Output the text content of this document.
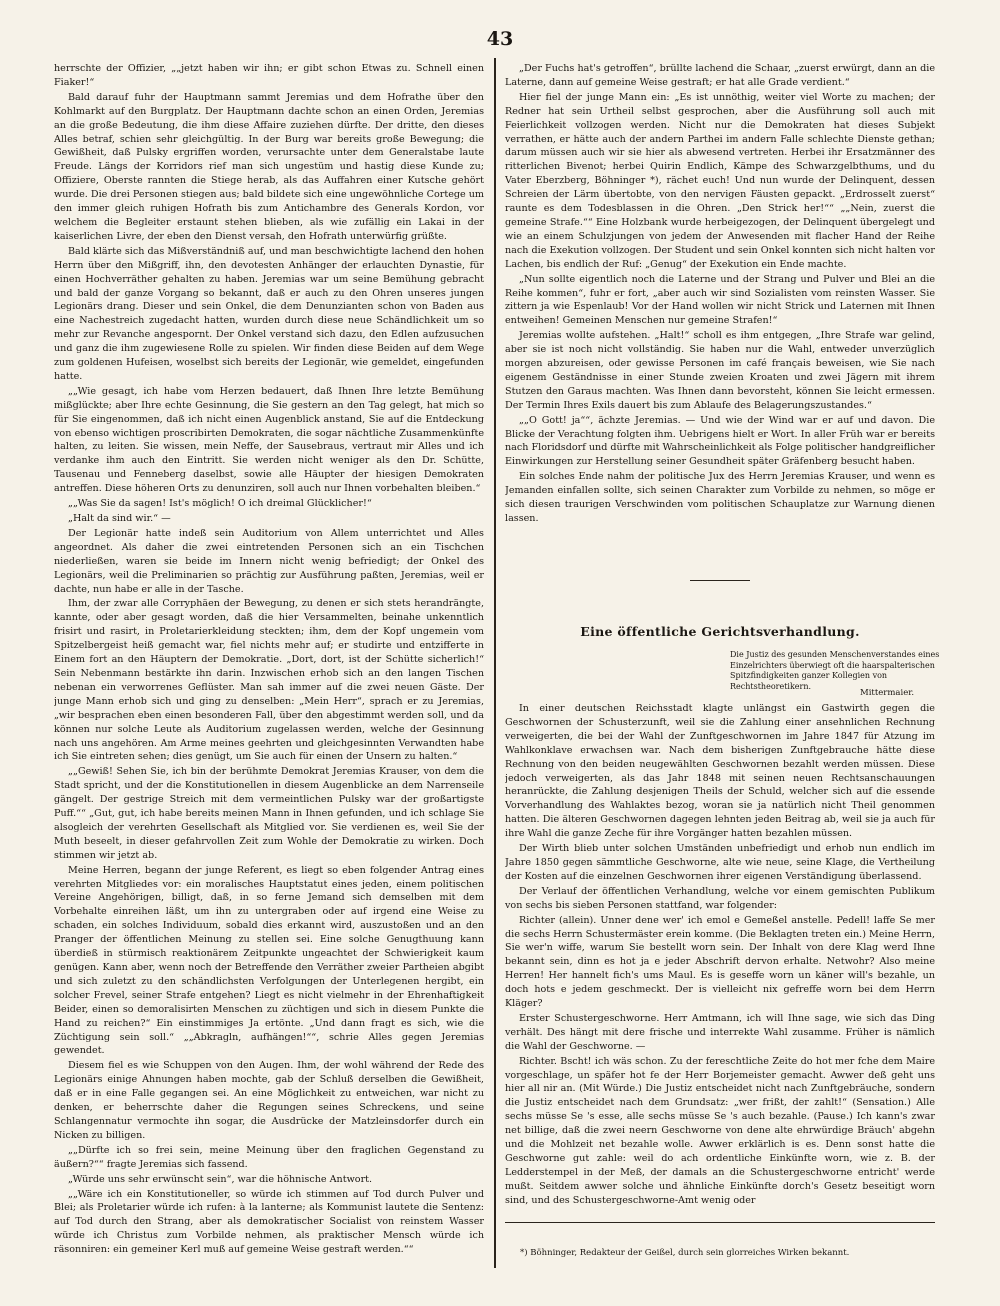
43

herrschte der Offizier, „„jetzt haben wir ihn; er gibt schon Etwas zu. Schnell einen Fiaker!“

Bald darauf fuhr der Hauptmann sammt Jeremias und dem Hofrathe über den Kohlmarkt auf den Burgplatz. Der Hauptmann dachte schon an einen Orden, Jeremias an die große Bedeutung, die ihm diese Affaire zuziehen dürfte. Der dritte, den dieses Alles betraf, schien sehr gleichgültig. In der Burg war bereits große Bewegung; die Gewißheit, daß Pulsky ergriffen worden, verursachte unter dem Generalstabe laute Freude. Längs der Korridors rief man sich ungestüm und hastig diese Kunde zu; Offiziere, Oberste rannten die Stiege herab, als das Auffahren einer Kutsche gehört wurde. Die drei Personen stiegen aus; bald bildete sich eine ungewöhnliche Cortege um den immer gleich ruhigen Hofrath bis zum Antichambre des Generals Kordon, vor welchem die Begleiter erstaunt stehen blieben, als wie zufällig ein Lakai in der kaiserlichen Livre, der eben den Dienst versah, den Hofrath unterwürfig grüßte.

Bald klärte sich das Mißverständniß auf, und man beschwichtigte lachend den hohen Herrn über den Mißgriff, ihn, den devotesten Anhänger der erlauchten Dynastie, für einen Hochverräther gehalten zu haben. Jeremias war um seine Bemühung gebracht und bald der ganze Vorgang so bekannt, daß er auch zu den Ohren unseres jungen Legionärs drang. Dieser und sein Onkel, die dem Denunzianten schon von Baden aus eine Nachestreich zugedacht hatten, wurden durch diese neue Schändlichkeit um so mehr zur Revanche angespornt. Der Onkel verstand sich dazu, den Edlen aufzusuchen und ganz die ihm zugewiesene Rolle zu spielen. Wir finden diese Beiden auf dem Wege zum goldenen Hufeisen, woselbst sich bereits der Legionär, wie gemeldet, eingefunden hatte.

„„Wie gesagt, ich habe vom Herzen bedauert, daß Ihnen Ihre letzte Bemühung mißglückte; aber Ihre echte Gesinnung, die Sie gestern an den Tag gelegt, hat mich so für Sie eingenommen, daß ich nicht einen Augenblick anstand, Sie auf die Entdeckung von ebenso wichtigen proscribirten Demokraten, die sogar nächtliche Zusammenkünfte halten, zu leiten. Sie wissen, mein Neffe, der Sausebraus, vertraut mir Alles und ich verdanke ihm auch den Eintritt. Sie werden nicht weniger als den Dr. Schütte, Tausenau und Fenneberg daselbst, sowie alle Häupter der hiesigen Demokraten antreffen. Diese höheren Orts zu denunziren, soll auch nur Ihnen vorbehalten bleiben.“

„„Was Sie da sagen! Ist's möglich! O ich dreimal Glücklicher!“

„Halt da sind wir.“ —

Der Legionär hatte indeß sein Auditorium von Allem unterrichtet und Alles angeordnet. Als daher die zwei eintretenden Personen sich an ein Tischchen niederließen, waren sie beide im Innern nicht wenig befriedigt; der Onkel des Legionärs, weil die Preliminarien so prächtig zur Ausführung paßten, Jeremias, weil er dachte, nun habe er alle in der Tasche.

Ihm, der zwar alle Corryphäen der Bewegung, zu denen er sich stets herandrängte, kannte, oder aber gesagt worden, daß die hier Versammelten, beinahe unkenntlich frisirt und rasirt, in Proletarierkleidung steckten; ihm, dem der Kopf ungemein vom Spitzelbergeist heiß gemacht war, fiel nichts mehr auf; er studirte und entzifferte in Einem fort an den Häuptern der Demokratie. „Dort, dort, ist der Schütte sicherlich!“ Sein Nebenmann bestärkte ihn darin. Inzwischen erhob sich an den langen Tischen nebenan ein verworrenes Geflüster. Man sah immer auf die zwei neuen Gäste. Der junge Mann erhob sich und ging zu denselben: „Mein Herr“, sprach er zu Jeremias, „wir besprachen eben einen besonderen Fall, über den abgestimmt werden soll, und da können nur solche Leute als Auditorium zugelassen werden, welche der Gesinnung nach uns angehören. Am Arme meines geehrten und gleichgesinnten Verwandten habe ich Sie eintreten sehen; dies genügt, um Sie auch für einen der Unsern zu halten.“

„„Gewiß! Sehen Sie, ich bin der berühmte Demokrat Jeremias Krauser, von dem die Stadt spricht, und der die Konstitutionellen in diesem Augenblicke an dem Narrenseile gängelt. Der gestrige Streich mit dem vermeintlichen Pulsky war der großartigste Puff.““ „Gut, gut, ich habe bereits meinen Mann in Ihnen gefunden, und ich schlage Sie alsogleich der verehrten Gesellschaft als Mitglied vor. Sie verdienen es, weil Sie der Muth beseelt, in dieser gefahrvollen Zeit zum Wohle der Demokratie zu wirken. Doch stimmen wir jetzt ab.

Meine Herren, begann der junge Referent, es liegt so eben folgender Antrag eines verehrten Mitgliedes vor: ein moralisches Hauptstatut eines jeden, einem politischen Vereine Angehörigen, billigt, daß, in so ferne Jemand sich demselben mit dem Vorbehalte einreihen läßt, um ihn zu untergraben oder auf irgend eine Weise zu schaden, ein solches Individuum, sobald dies erkannt wird, auszustoßen und an den Pranger der öffentlichen Meinung zu stellen sei. Eine solche Genugthuung kann überdieß in stürmisch reaktionärem Zeitpunkte ungeachtet der Schwierigkeit kaum genügen. Kann aber, wenn noch der Betreffende den Verräther zweier Partheien abgibt und sich zuletzt zu den schändlichsten Verfolgungen der Unterlegenen hergibt, ein solcher Frevel, seiner Strafe entgehen? Liegt es nicht vielmehr in der Ehrenhaftigkeit Beider, einen so demoralisirten Menschen zu züchtigen und sich in diesem Punkte die Hand zu reichen?“ Ein einstimmiges Ja ertönte. „Und dann fragt es sich, wie die Züchtigung sein soll.“ „„Abkragln, aufhängen!““, schrie Alles gegen Jeremias gewendet.

Diesem fiel es wie Schuppen von den Augen. Ihm, der wohl während der Rede des Legionärs einige Ahnungen haben mochte, gab der Schluß derselben die Gewißheit, daß er in eine Falle gegangen sei. An eine Möglichkeit zu entweichen, war nicht zu denken, er beherrschte daher die Regungen seines Schreckens, und seine Schlangennatur vermochte ihn sogar, die Ausdrücke der Matzleinsdorfer durch ein Nicken zu billigen.

„„Dürfte ich so frei sein, meine Meinung über den fraglichen Gegenstand zu äußern?““ fragte Jeremias sich fassend.

„Würde uns sehr erwünscht sein“, war die höhnische Antwort.

„„Wäre ich ein Konstitutioneller, so würde ich stimmen auf Tod durch Pulver und Blei; als Proletarier würde ich rufen: à la lanterne; als Kommunist lautete die Sentenz: auf Tod durch den Strang, aber als demokratischer Socialist von reinstem Wasser würde ich Christus zum Vorbilde nehmen, als praktischer Mensch würde ich räsonniren: ein gemeiner Kerl muß auf gemeine Weise gestraft werden.““

„Der Fuchs hat's getroffen“, brüllte lachend die Schaar, „zuerst erwürgt, dann an die Laterne, dann auf gemeine Weise gestraft; er hat alle Grade verdient.“

Hier fiel der junge Mann ein: „Es ist unnöthig, weiter viel Worte zu machen; der Redner hat sein Urtheil selbst gesprochen, aber die Ausführung soll auch mit Feierlichkeit vollzogen werden. Nicht nur die Demokraten hat dieses Subjekt verrathen, er hätte auch der andern Parthei im andern Falle schlechte Dienste gethan; darum müssen auch wir sie hier als abwesend vertreten. Herbei ihr Ersatzmänner des ritterlichen Bivenot; herbei Quirin Endlich, Kämpe des Schwarzgelbthums, und du Vater Eberzberg, Böhninger *), rächet euch! Und nun wurde der Delinquent, dessen Schreien der Lärm übertobte, von den nervigen Fäusten gepackt. „Erdrosselt zuerst“ raunte es dem Todesblassen in die Ohren. „Den Strick her!““ „„Nein, zuerst die gemeine Strafe.““ Eine Holzbank wurde herbeigezogen, der Delinquent übergelegt und wie an einem Schulzjungen von jedem der Anwesenden mit flacher Hand der Reihe nach die Exekution vollzogen. Der Student und sein Onkel konnten sich nicht halten vor Lachen, bis endlich der Ruf: „Genug“ der Exekution ein Ende machte.

„Nun sollte eigentlich noch die Laterne und der Strang und Pulver und Blei an die Reihe kommen“, fuhr er fort, „aber auch wir sind Sozialisten vom reinsten Wasser. Sie zittern ja wie Espenlaub! Vor der Hand wollen wir nicht Strick und Laternen mit Ihnen entweihen! Gemeinen Menschen nur gemeine Strafen!“

Jeremias wollte aufstehen. „Halt!“ scholl es ihm entgegen, „Ihre Strafe war gelind, aber sie ist noch nicht vollständig. Sie haben nur die Wahl, entweder unverzüglich morgen abzureisen, oder gewisse Personen im café français beweisen, wie Sie nach eigenem Geständnisse in einer Stunde zweien Kroaten und zwei Jägern mit ihrem Stutzen den Garaus machten. Was Ihnen dann bevorsteht, können Sie leicht ermessen. Der Termin Ihres Exils dauert bis zum Ablaufe des Belagerungszustandes.“

„„O Gott! ja““, ächzte Jeremias. — Und wie der Wind war er auf und davon. Die Blicke der Verachtung folgten ihm. Uebrigens hielt er Wort. In aller Früh war er bereits nach Floridsdorf und dürfte mit Wahrscheinlichkeit als Folge politischer handgreiflicher Einwirkungen zur Herstellung seiner Gesundheit später Gräfenberg besucht haben.

Ein solches Ende nahm der politische Jux des Herrn Jeremias Krauser, und wenn es Jemanden einfallen sollte, sich seinen Charakter zum Vorbilde zu nehmen, so möge er sich diesen traurigen Verschwinden vom politischen Schauplatze zur Warnung dienen lassen.

Eine öffentliche Gerichtsverhandlung.
Die Justiz des gesunden Menschenverstandes eines Einzelrichters überwiegt oft die haarspalterischen Spitzfindigkeiten ganzer Kollegien von Rechtstheoretikern.
Mittermaier.

In einer deutschen Reichsstadt klagte unlängst ein Gastwirth gegen die Geschwornen der Schusterzunft, weil sie die Zahlung einer ansehnlichen Rechnung verweigerten, die bei der Wahl der Zunftgeschwornen im Jahre 1847 für Atzung im Wahlkonklave erwachsen war. Nach dem bisherigen Zunftgebrauche hätte diese Rechnung von den beiden neugewählten Geschwornen bezahlt werden müssen. Diese jedoch verweigerten, als das Jahr 1848 mit seinen neuen Rechtsanschauungen heranrückte, die Zahlung desjenigen Theils der Schuld, welcher sich auf die essende Vorverhandlung des Wahlaktes bezog, woran sie ja natürlich nicht Theil genommen hatten. Die älteren Geschwornen dagegen lehnten jeden Beitrag ab, weil sie ja auch für ihre Wahl die ganze Zeche für ihre Vorgänger hatten bezahlen müssen.

Der Wirth blieb unter solchen Umständen unbefriedigt und erhob nun endlich im Jahre 1850 gegen sämmtliche Geschworne, alte wie neue, seine Klage, die Vertheilung der Kosten auf die einzelnen Geschwornen ihrer eigenen Verständigung überlassend.

Der Verlauf der öffentlichen Verhandlung, welche vor einem gemischten Publikum von sechs bis sieben Personen stattfand, war folgender:

Richter (allein). Unner dene wer' ich emol e Gemeßel anstelle. Pedell! laffe Se mer die sechs Herrn Schustermäster erein komme. (Die Beklagten treten ein.) Meine Herrn, Sie wer'n wiffe, warum Sie bestellt worn sein. Der Inhalt von dere Klag werd Ihne bekannt sein, dinn es hot ja e jeder Abschrift dervon erhalte. Netwohr? Also meine Herren! Her hannelt fich's ums Maul. Es is geseffe worn un käner will's bezahle, un doch hots e jedem geschmeckt. Der is vielleicht nix gefreffe worn bei dem Herrn Kläger?

Erster Schustergeschworne. Herr Amtmann, ich will Ihne sage, wie sich das Ding verhält. Des hängt mit dere frische und interrekte Wahl zusamme. Früher is nämlich die Wahl der Geschworne. —

Richter. Bscht! ich wäs schon. Zu der fereschtliche Zeite do hot mer fche dem Maire vorgeschlage, un späfer hot fe der Herr Borjemeister gemacht. Awwer deß geht uns hier all nir an. (Mit Würde.) Die Justiz entscheidet nicht nach Zunftgebräuche, sondern die Justiz entscheidet nach dem Grundsatz: „wer frißt, der zahlt!“ (Sensation.) Alle sechs müsse Se 's esse, alle sechs müsse Se 's auch bezahle. (Pause.) Ich kann's zwar net billige, daß die zwei neern Geschworne von dene alte ehrwürdige Bräuch' abgehn und die Mohlzeit net bezahle wolle. Awwer erklärlich is es. Denn sonst hatte die Geschworne gut zahle: weil do ach ordentliche Einkünfte worn, wie z. B. der Ledderstempel in der Meß, der damals an die Schustergeschworne entricht' werde mußt. Seitdem awwer solche und ähnliche Einkünfte dorch's Gesetz beseitigt worn sind, und des Schustergeschworne-Amt wenig oder

*) Böhninger, Redakteur der Geißel, durch sein glorreiches Wirken bekannt.
